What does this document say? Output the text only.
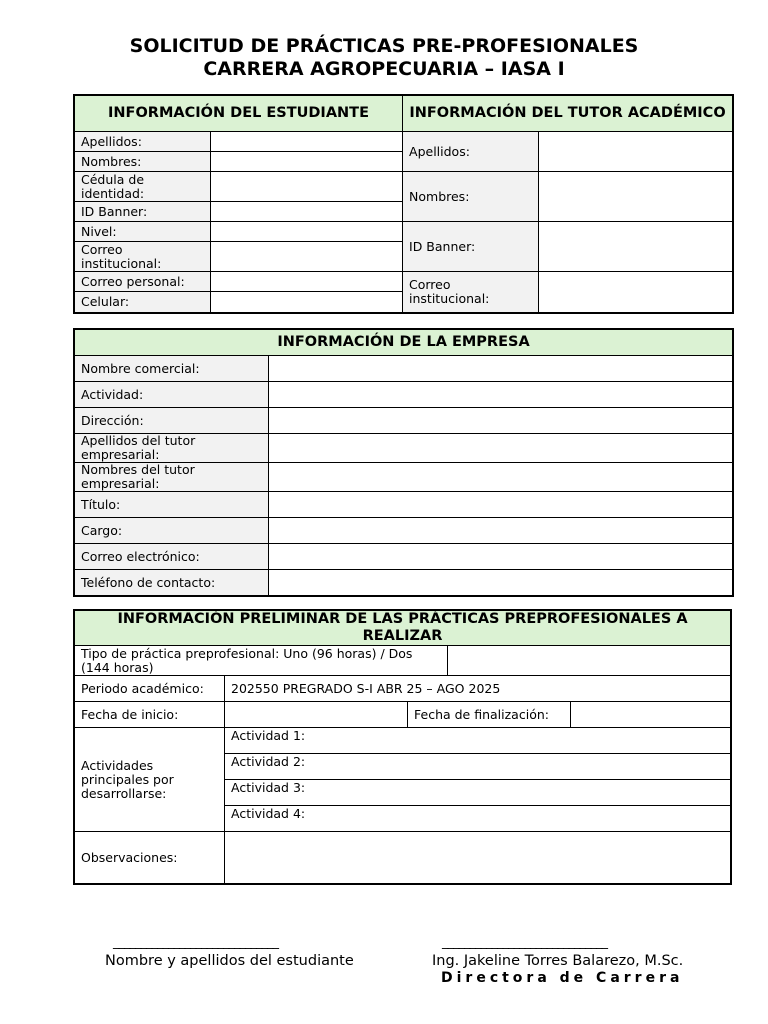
SOLICITUD DE PRÁCTICAS PRE-PROFESIONALES
CARRERA AGROPECUARIA – IASA I
INFORMACIÓN DEL ESTUDIANTE		INFORMACIÓN DEL TUTOR ACADÉMICO	
Apellidos:		Apellidos:	
Nombres:			
Cédula de identidad:		Nombres:	
ID Banner:			
Nivel:		ID Banner:	
Correo institucional:			
Correo personal:		Correo institucional:	
Celular:			
INFORMACIÓN DE LA EMPRESA	
Nombre comercial:	
Actividad:	
Dirección:	
Apellidos del tutor empresarial:	
Nombres del tutor empresarial:	
Título:	
Cargo:	
Correo electrónico:	
Teléfono de contacto:	
INFORMACIÓN PRELIMINAR DE LAS PRÁCTICAS PREPROFESIONALES A REALIZAR				
Tipo de práctica preprofesional: Uno (96 horas) / Dos (144 horas)				
Periodo académico:	202550 PREGRADO S-I ABR 25 – AGO 2025			
Fecha de inicio:		Fecha de finalización:		
Actividades principales por desarrollarse:	Actividad 1:			
	Actividad 2:			
	Actividad 3:			
	Actividad 4:			
Observaciones:				
______________________________
Nombre y apellidos del estudiante
______________________________
Ing. Jakeline Torres Balarezo, M.Sc.
Directora de Carrera
